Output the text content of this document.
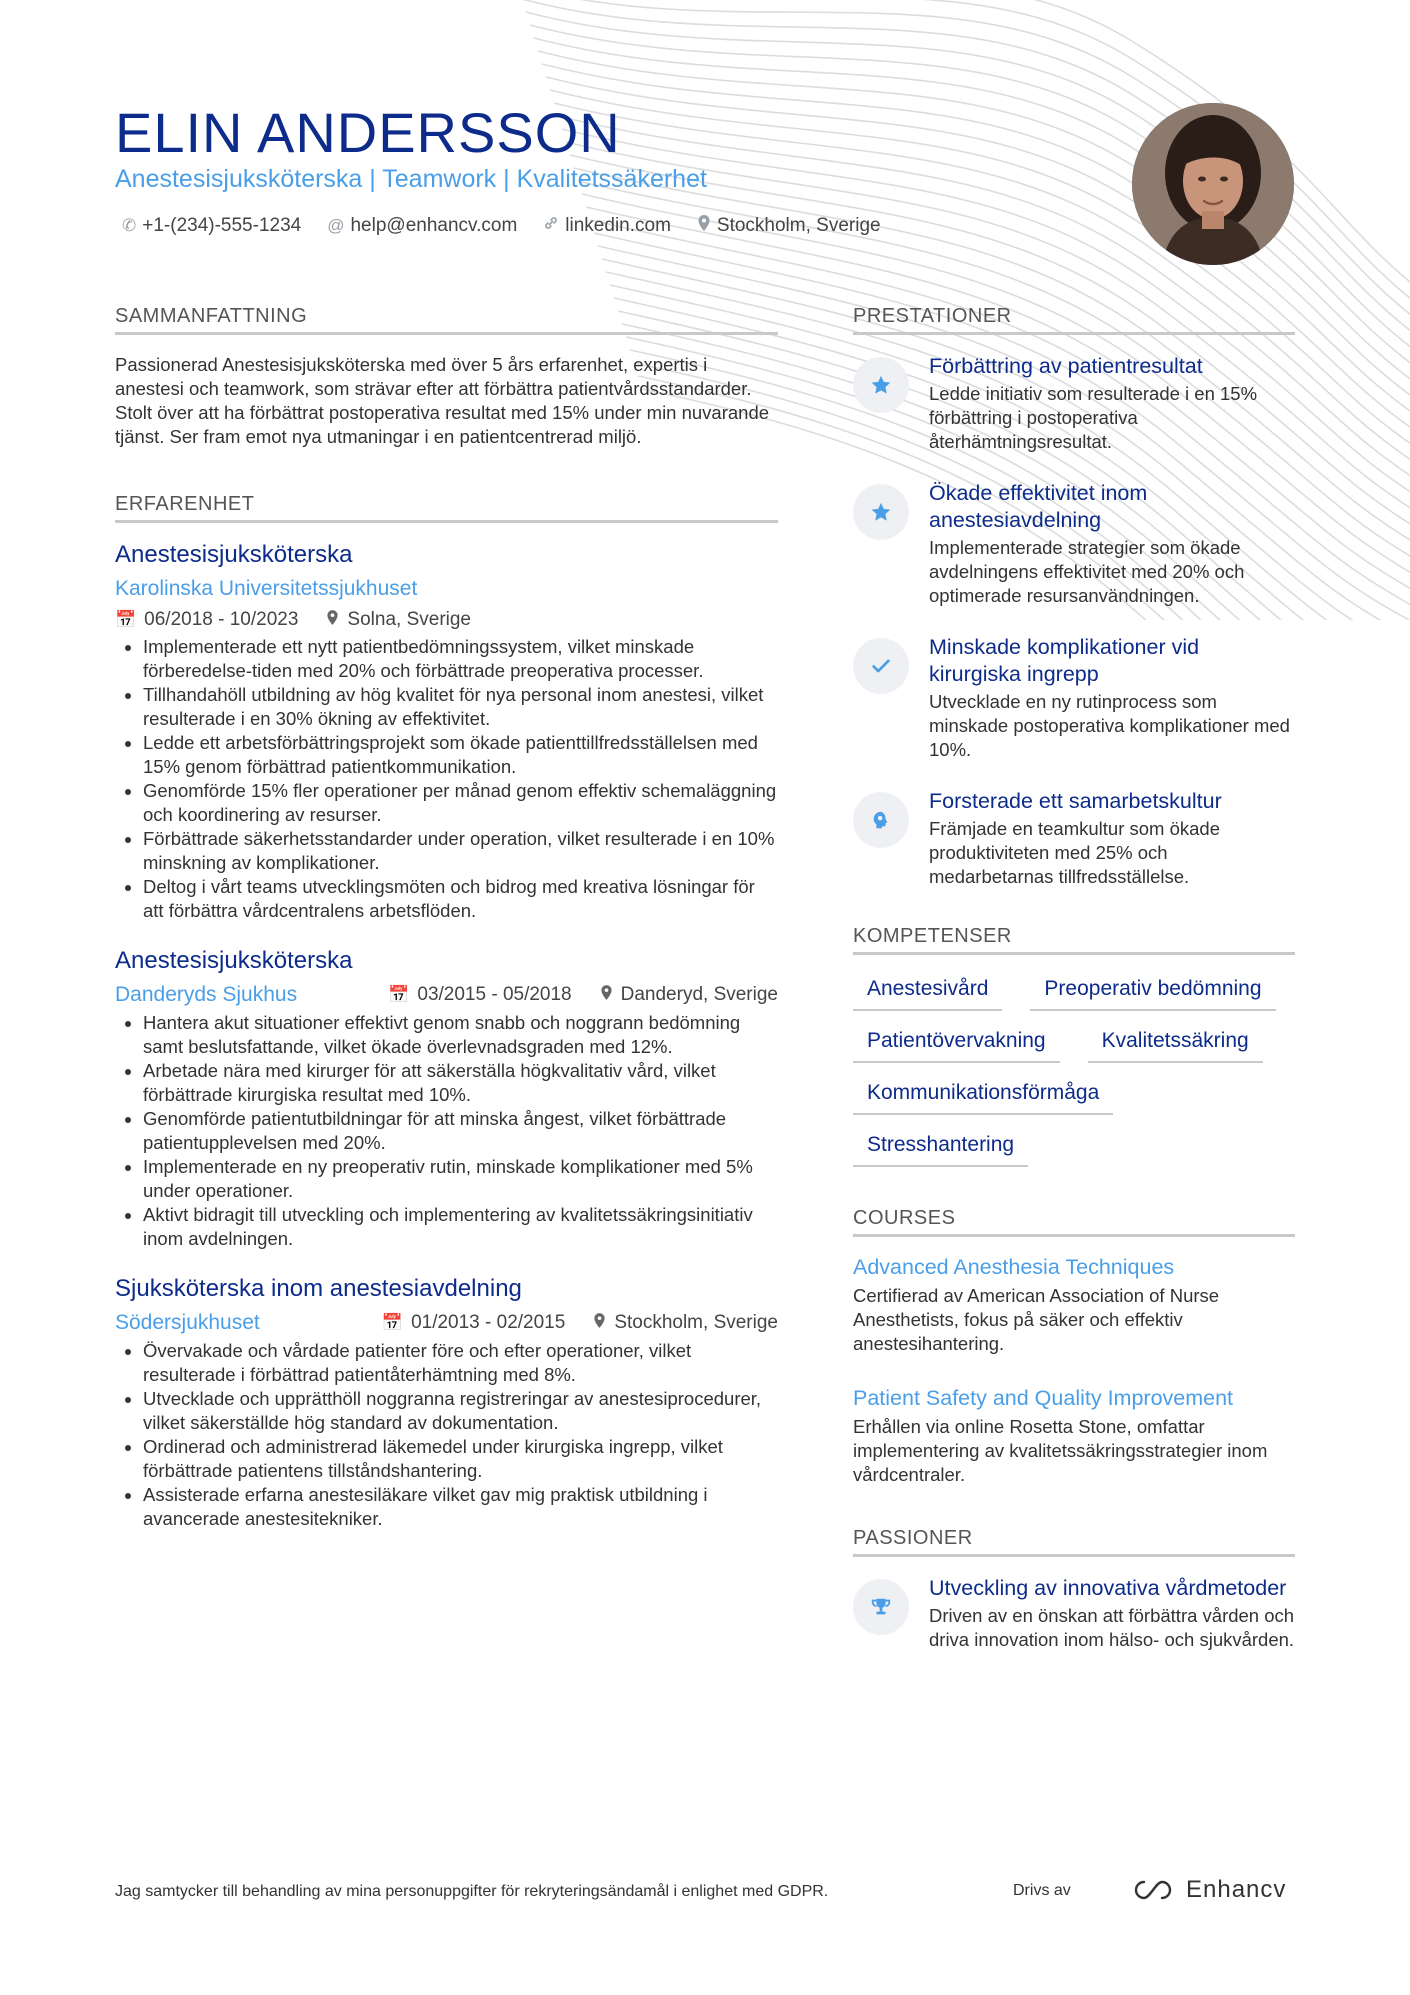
ELIN ANDERSSON
Anestesisjuksköterska | Teamwork | Kvalitetssäkerhet
✆ +1-(234)-555-1234 @ help@enhancv.com	linkedin.com Stockholm, Sverige
SAMMANFATTNING

Passionerad Anestesisjuksköterska med över 5 års erfarenhet, expertis i anestesi och teamwork, som strävar efter att förbättra patientvårdsstandarder. Stolt över att ha förbättrat postoperativa resultat med 15% under min nuvarande tjänst. Ser fram emot nya utmaningar i en patientcentrerad miljö.

ERFARENHET
Anestesisjuksköterska
Karolinska Universitetssjukhuset
📅 06/2018 - 10/2023	Solna, Sverige
• Implementerade ett nytt patientbedömningssystem, vilket minskade förberedelse-tiden med 20% och förbättrade preoperativa processer.
• Tillhandahöll utbildning av hög kvalitet för nya personal inom anestesi, vilket resulterade i en 30% ökning av effektivitet.
• Ledde ett arbetsförbättringsprojekt som ökade patienttillfredsställelsen med 15% genom förbättrad patientkommunikation.
• Genomförde 15% fler operationer per månad genom effektiv schemaläggning och koordinering av resurser.
• Förbättrade säkerhetsstandarder under operation, vilket resulterade i en 10% minskning av komplikationer.
• Deltog i vårt teams utvecklingsmöten och bidrog med kreativa lösningar för att förbättra vårdcentralens arbetsflöden.
Anestesisjuksköterska
Danderyds Sjukhus	📅 03/2015 - 05/2018	Danderyd, Sverige
• Hantera akut situationer effektivt genom snabb och noggrann bedömning samt beslutsfattande, vilket ökade överlevnadsgraden med 12%.
• Arbetade nära med kirurger för att säkerställa högkvalitativ vård, vilket förbättrade kirurgiska resultat med 10%.
• Genomförde patientutbildningar för att minska ångest, vilket förbättrade patientupplevelsen med 20%.
• Implementerade en ny preoperativ rutin, minskade komplikationer med 5% under operationer.
• Aktivt bidragit till utveckling och implementering av kvalitetssäkringsinitiativ inom avdelningen.
Sjuksköterska inom anestesiavdelning
Södersjukhuset	📅 01/2013 - 02/2015	Stockholm, Sverige
• Övervakade och vårdade patienter före och efter operationer, vilket resulterade i förbättrad patientåterhämtning med 8%.
• Utvecklade och upprätthöll noggranna registreringar av anestesiprocedurer, vilket säkerställde hög standard av dokumentation.
• Ordinerad och administrerad läkemedel under kirurgiska ingrepp, vilket förbättrade patientens tillståndshantering.
• Assisterade erfarna anestesiläkare vilket gav mig praktisk utbildning i avancerade anestesitekniker.
PRESTATIONER
Förbättring av patientresultat
Ledde initiativ som resulterade i en 15% förbättring i postoperativa återhämtningsresultat.
Ökade effektivitet inom anestesiavdelning
Implementerade strategier som ökade avdelningens effektivitet med 20% och optimerade resursanvändningen.
Minskade komplikationer vid kirurgiska ingrepp
Utvecklade en ny rutinprocess som minskade postoperativa komplikationer med 10%.
Forsterade ett samarbetskultur
Främjade en teamkultur som ökade produktiviteten med 25% och medarbetarnas tillfredsställelse.
KOMPETENSER
Anestesivård	Preoperativ bedömning
Patientövervakning	Kvalitetssäkring
Kommunikationsförmåga
Stresshantering
COURSES
Advanced Anesthesia Techniques
Certifierad av American Association of Nurse Anesthetists, fokus på säker och effektiv anestesihantering.
Patient Safety and Quality Improvement
Erhållen via online Rosetta Stone, omfattar implementering av kvalitetssäkringsstrategier inom vårdcentraler.
PASSIONER
Utveckling av innovativa vårdmetoder
Driven av en önskan att förbättra vården och driva innovation inom hälso- och sjukvården.
Jag samtycker till behandling av mina personuppgifter för rekryteringsändamål i enlighet med GDPR.	Drivs av	Enhancv
